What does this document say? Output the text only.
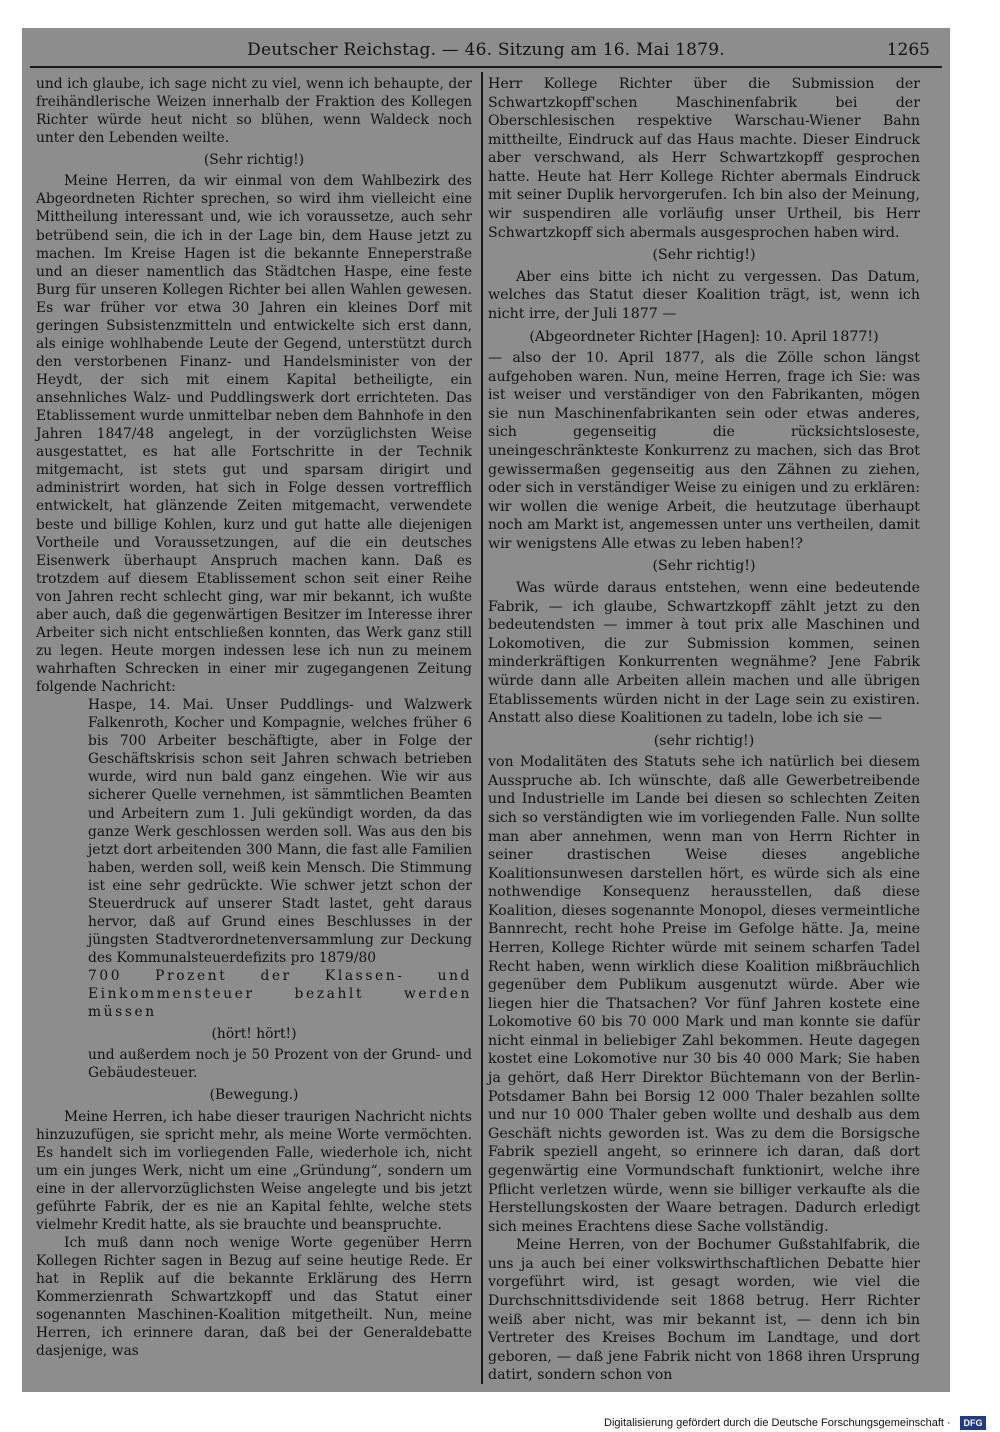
Deutscher Reichstag. — 46. Sitzung am 16. Mai 1879.	1265

und ich glaube, ich sage nicht zu viel, wenn ich behaupte, der freihändlerische Weizen innerhalb der Fraktion des Kollegen Richter würde heut nicht so blühen, wenn Waldeck noch unter den Lebenden weilte.

(Sehr richtig!)

Meine Herren, da wir einmal von dem Wahlbezirk des Abgeordneten Richter sprechen, so wird ihm vielleicht eine Mittheilung interessant und, wie ich voraussetze, auch sehr betrübend sein, die ich in der Lage bin, dem Hause jetzt zu machen. Im Kreise Hagen ist die bekannte Enneperstraße und an dieser namentlich das Städtchen Haspe, eine feste Burg für unseren Kollegen Richter bei allen Wahlen gewesen. Es war früher vor etwa 30 Jahren ein kleines Dorf mit geringen Subsistenzmitteln und entwickelte sich erst dann, als einige wohlhabende Leute der Gegend, unterstützt durch den verstorbenen Finanz- und Handelsminister von der Heydt, der sich mit einem Kapital betheiligte, ein ansehnliches Walz- und Puddlingswerk dort errichteten. Das Etablissement wurde unmittelbar neben dem Bahnhofe in den Jahren 1847/48 angelegt, in der vorzüglichsten Weise ausgestattet, es hat alle Fortschritte in der Technik mitgemacht, ist stets gut und sparsam dirigirt und administrirt worden, hat sich in Folge dessen vortrefflich entwickelt, hat glänzende Zeiten mitgemacht, verwendete beste und billige Kohlen, kurz und gut hatte alle diejenigen Vortheile und Voraussetzungen, auf die ein deutsches Eisenwerk überhaupt Anspruch machen kann. Daß es trotzdem auf diesem Etablissement schon seit einer Reihe von Jahren recht schlecht ging, war mir bekannt, ich wußte aber auch, daß die gegenwärtigen Besitzer im Interesse ihrer Arbeiter sich nicht entschließen konnten, das Werk ganz still zu legen. Heute morgen indessen lese ich nun zu meinem wahrhaften Schrecken in einer mir zugegangenen Zeitung folgende Nachricht:

Haspe, 14. Mai. Unser Puddlings- und Walzwerk Falkenroth, Kocher und Kompagnie, welches früher 6 bis 700 Arbeiter beschäftigte, aber in Folge der Geschäftskrisis schon seit Jahren schwach betrieben wurde, wird nun bald ganz eingehen. Wie wir aus sicherer Quelle vernehmen, ist sämmtlichen Beamten und Arbeitern zum 1. Juli gekündigt worden, da das ganze Werk geschlossen werden soll. Was aus den bis jetzt dort arbeitenden 300 Mann, die fast alle Familien haben, werden soll, weiß kein Mensch. Die Stimmung ist eine sehr gedrückte. Wie schwer jetzt schon der Steuerdruck auf unserer Stadt lastet, geht daraus hervor, daß auf Grund eines Beschlusses in der jüngsten Stadtverordnetenversammlung zur Deckung des Kommunalsteuerdefizits pro 1879/80

700 Prozent der Klassen- und Einkommensteuer bezahlt werden müssen

(hört! hört!)

und außerdem noch je 50 Prozent von der Grund- und Gebäudesteuer.

(Bewegung.)

Meine Herren, ich habe dieser traurigen Nachricht nichts hinzuzufügen, sie spricht mehr, als meine Worte vermöchten. Es handelt sich im vorliegenden Falle, wiederhole ich, nicht um ein junges Werk, nicht um eine „Gründung“, sondern um eine in der allervorzüglichsten Weise angelegte und bis jetzt geführte Fabrik, der es nie an Kapital fehlte, welche stets vielmehr Kredit hatte, als sie brauchte und beanspruchte.

Ich muß dann noch wenige Worte gegenüber Herrn Kollegen Richter sagen in Bezug auf seine heutige Rede. Er hat in Replik auf die bekannte Erklärung des Herrn Kommerzienrath Schwartzkopff und das Statut einer sogenannten Maschinen-Koalition mitgetheilt. Nun, meine Herren, ich erinnere daran, daß bei der Generaldebatte dasjenige, was

Herr Kollege Richter über die Submission der Schwartzkopff'schen Maschinenfabrik bei der Oberschlesischen respektive Warschau-Wiener Bahn mittheilte, Eindruck auf das Haus machte. Dieser Eindruck aber verschwand, als Herr Schwartzkopff gesprochen hatte. Heute hat Herr Kollege Richter abermals Eindruck mit seiner Duplik hervorgerufen. Ich bin also der Meinung, wir suspendiren alle vorläufig unser Urtheil, bis Herr Schwartzkopff sich abermals ausgesprochen haben wird.

(Sehr richtig!)

Aber eins bitte ich nicht zu vergessen. Das Datum, welches das Statut dieser Koalition trägt, ist, wenn ich nicht irre, der Juli 1877 —

(Abgeordneter Richter [Hagen]: 10. April 1877!)

— also der 10. April 1877, als die Zölle schon längst aufgehoben waren. Nun, meine Herren, frage ich Sie: was ist weiser und verständiger von den Fabrikanten, mögen sie nun Maschinenfabrikanten sein oder etwas anderes, sich gegenseitig die rücksichtsloseste, uneingeschränkteste Konkurrenz zu machen, sich das Brot gewissermaßen gegenseitig aus den Zähnen zu ziehen, oder sich in verständiger Weise zu einigen und zu erklären: wir wollen die wenige Arbeit, die heutzutage überhaupt noch am Markt ist, angemessen unter uns vertheilen, damit wir wenigstens Alle etwas zu leben haben!?

(Sehr richtig!)

Was würde daraus entstehen, wenn eine bedeutende Fabrik, — ich glaube, Schwartzkopff zählt jetzt zu den bedeutendsten — immer à tout prix alle Maschinen und Lokomotiven, die zur Submission kommen, seinen minderkräftigen Konkurrenten wegnähme? Jene Fabrik würde dann alle Arbeiten allein machen und alle übrigen Etablissements würden nicht in der Lage sein zu existiren. Anstatt also diese Koalitionen zu tadeln, lobe ich sie —

(sehr richtig!)

von Modalitäten des Statuts sehe ich natürlich bei diesem Ausspruche ab. Ich wünschte, daß alle Gewerbetreibende und Industrielle im Lande bei diesen so schlechten Zeiten sich so verständigten wie im vorliegenden Falle. Nun sollte man aber annehmen, wenn man von Herrn Richter in seiner drastischen Weise dieses angebliche Koalitionsunwesen darstellen hört, es würde sich als eine nothwendige Konsequenz herausstellen, daß diese Koalition, dieses sogenannte Monopol, dieses vermeintliche Bannrecht, recht hohe Preise im Gefolge hätte. Ja, meine Herren, Kollege Richter würde mit seinem scharfen Tadel Recht haben, wenn wirklich diese Koalition mißbräuchlich gegenüber dem Publikum ausgenutzt würde. Aber wie liegen hier die Thatsachen? Vor fünf Jahren kostete eine Lokomotive 60 bis 70 000 Mark und man konnte sie dafür nicht einmal in beliebiger Zahl bekommen. Heute dagegen kostet eine Lokomotive nur 30 bis 40 000 Mark; Sie haben ja gehört, daß Herr Direktor Büchtemann von der Berlin-Potsdamer Bahn bei Borsig 12 000 Thaler bezahlen sollte und nur 10 000 Thaler geben wollte und deshalb aus dem Geschäft nichts geworden ist. Was zu dem die Borsigsche Fabrik speziell angeht, so erinnere ich daran, daß dort gegenwärtig eine Vormundschaft funktionirt, welche ihre Pflicht verletzen würde, wenn sie billiger verkaufte als die Herstellungskosten der Waare betragen. Dadurch erledigt sich meines Erachtens diese Sache vollständig.

Meine Herren, von der Bochumer Gußstahlfabrik, die uns ja auch bei einer volkswirthschaftlichen Debatte hier vorgeführt wird, ist gesagt worden, wie viel die Durchschnittsdividende seit 1868 betrug. Herr Richter weiß aber nicht, was mir bekannt ist, — denn ich bin Vertreter des Kreises Bochum im Landtage, und dort geboren, — daß jene Fabrik nicht von 1868 ihren Ursprung datirt, sondern schon von

Digitalisierung gefördert durch die Deutsche Forschungsgemeinschaft ·	DFG
